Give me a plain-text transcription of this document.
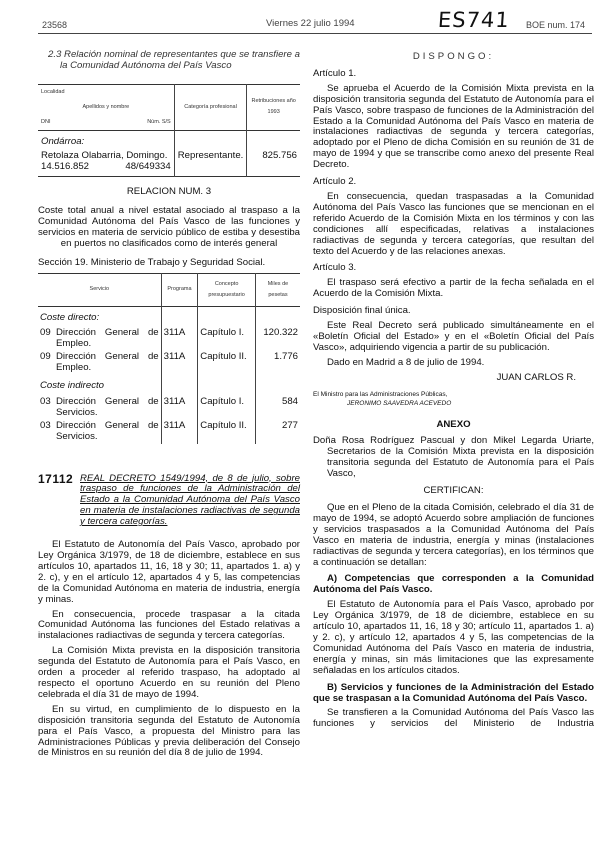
23568	Viernes 22 julio 1994	ES741 BOE num. 174

2.3 Relación nominal de representantes que se transfiere a la Comunidad Autónoma del País Vasco

Localidad
Apellidos y nombre
DNI Núm. S/S	Categoría profesional	Retribuciones año 1993
Ondárroa:		

Retolaza Olabarria, Domingo.
14.516.852 48/649334	Representante.	825.756

RELACION NUM. 3

Coste total anual a nivel estatal asociado al traspaso a la Comunidad Autónoma del País Vasco de las funciones y servicios en materia de servicio público de estiba y desestiba en puertos no clasificados como de interés general

Sección 19. Ministerio de Trabajo y Seguridad Social.

Servicio	Programa	Concepto presupuestario	Miles de pesetas
Coste directo:			

09 Dirección General de Empleo.	311A	Capítulo I.	120.322

09 Dirección General de Empleo.	311A	Capítulo II.	1.776
Coste indirecto			

03 Dirección General de Servicios.	311A	Capítulo I.	584

03 Dirección General de Servicios.	311A	Capítulo II.	277
17112 REAL DECRETO 1549/1994, de 8 de julio, sobre traspaso de funciones de la Administración del Estado a la Comunidad Autónoma del País Vasco en materia de instalaciones radiactivas de segunda y tercera categorías.

El Estatuto de Autonomía del País Vasco, aprobado por Ley Orgánica 3/1979, de 18 de diciembre, establece en sus artículos 10, apartados 11, 16, 18 y 30; 11, apartados 1. a) y 2. c), y en el artículo 12, apartados 4 y 5, las competencias de la Comunidad Autónoma en materia de industria, energía y minas.

En consecuencia, procede traspasar a la citada Comunidad Autónoma las funciones del Estado relativas a instalaciones radiactivas de segunda y tercera categorías.

La Comisión Mixta prevista en la disposición transitoria segunda del Estatuto de Autonomía para el País Vasco, en orden a proceder al referido traspaso, ha adoptado al respecto el oportuno Acuerdo en su reunión del Pleno celebrada el día 31 de mayo de 1994.

En su virtud, en cumplimiento de lo dispuesto en la disposición transitoria segunda del Estatuto de Autonomía para el País Vasco, a propuesta del Ministro para las Administraciones Públicas y previa deliberación del Consejo de Ministros en su reunión del día 8 de julio de 1994.

DISPONGO:

Artículo 1.

Se aprueba el Acuerdo de la Comisión Mixta prevista en la disposición transitoria segunda del Estatuto de Autonomía para el País Vasco, sobre traspaso de funciones de la Administración del Estado a la Comunidad Autónoma del País Vasco en materia de instalaciones radiactivas de segunda y tercera categorías, adoptado por el Pleno de dicha Comisión en su reunión de 31 de mayo de 1994 y que se transcribe como anexo del presente Real Decreto.

Artículo 2.

En consecuencia, quedan traspasadas a la Comunidad Autónoma del País Vasco las funciones que se mencionan en el referido Acuerdo de la Comisión Mixta en los términos y con las condiciones allí especificadas, relativas a instalaciones radiactivas de segunda y tercera categorías, que resultan del texto del Acuerdo y de las relaciones anexas.

Artículo 3.

El traspaso será efectivo a partir de la fecha señalada en el Acuerdo de la Comisión Mixta.

Disposición final única.

Este Real Decreto será publicado simultáneamente en el «Boletín Oficial del Estado» y en el «Boletín Oficial del País Vasco», adquiriendo vigencia a partir de su publicación.

Dado en Madrid a 8 de julio de 1994.

JUAN CARLOS R.

El Ministro para las Administraciones Públicas,
JERONIMO SAAVEDRA ACEVEDO

ANEXO

Doña Rosa Rodríguez Pascual y don Mikel Legarda Uriarte, Secretarios de la Comisión Mixta prevista en la disposición transitoria segunda del Estatuto de Autonomía para el País Vasco,

CERTIFICAN:

Que en el Pleno de la citada Comisión, celebrado el día 31 de mayo de 1994, se adoptó Acuerdo sobre ampliación de funciones y servicios traspasados a la Comunidad Autónoma del País Vasco en materia de industria, energía y minas (instalaciones radiactivas de segunda y tercera categorías), en los términos que a continuación se detallan:

A) Competencias que corresponden a la Comunidad Autónoma del País Vasco.

El Estatuto de Autonomía para el País Vasco, aprobado por Ley Orgánica 3/1979, de 18 de diciembre, establece en su artículo 10, apartados 11, 16, 18 y 30; artículo 11, apartados 1. a) y 2. c), y artículo 12, apartados 4 y 5, las competencias de la Comunidad Autónoma del País Vasco en materia de industria, energía y minas, sin más limitaciones que las expresamente señaladas en los artículos citados.

B) Servicios y funciones de la Administración del Estado que se traspasan a la Comunidad Autónoma del País Vasco.

Se transfieren a la Comunidad Autónoma del País Vasco las funciones y servicios del Ministerio de Industria
